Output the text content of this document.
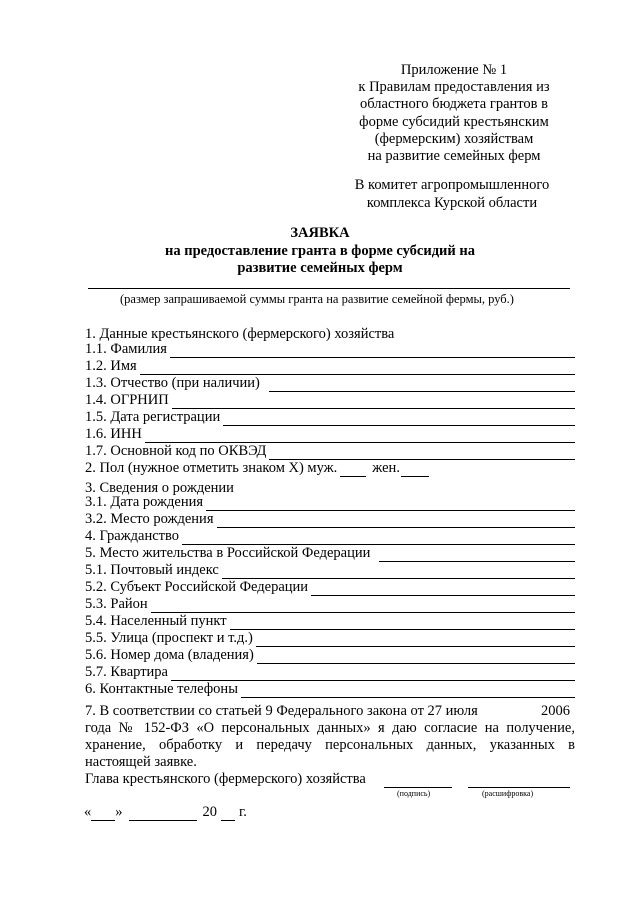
Приложение № 1
к Правилам предоставления из
областного бюджета грантов в
форме субсидий крестьянским
(фермерским) хозяйствам
на развитие семейных ферм
В комитет агропромышленного
комплекса Курской области
ЗАЯВКА
на предоставление гранта в форме субсидий на
развитие семейных ферм
(размер запрашиваемой суммы гранта на развитие семейной фермы, руб.)
1. Данные крестьянского (фермерского) хозяйства
1.1. Фамилия
1.2. Имя
1.3. Отчество (при наличии)
1.4. ОГРНИП
1.5. Дата регистрации
1.6. ИНН
1.7. Основной код по ОКВЭД
2. Пол (нужное отметить знаком Х) муж. жен.
3. Сведения о рождении
3.1. Дата рождения
3.2. Место рождения
4. Гражданство
5. Место жительства в Российской Федерации
5.1. Почтовый индекс
5.2. Субъект Российской Федерации
5.3. Район
5.4. Населенный пункт
5.5. Улица (проспект и т.д.)
5.6. Номер дома (владения)
5.7. Квартира
6. Контактные телефоны
7. В соответствии со статьей 9 Федерального закона от 27 июля	2006
года № 152-ФЗ «О персональных данных» я даю согласие на получение, хранение, обработку и передачу персональных данных, указанных в настоящей заявке.
Глава крестьянского (фермерского) хозяйства
(подпись)	(расшифровка)
« »	20 г.
